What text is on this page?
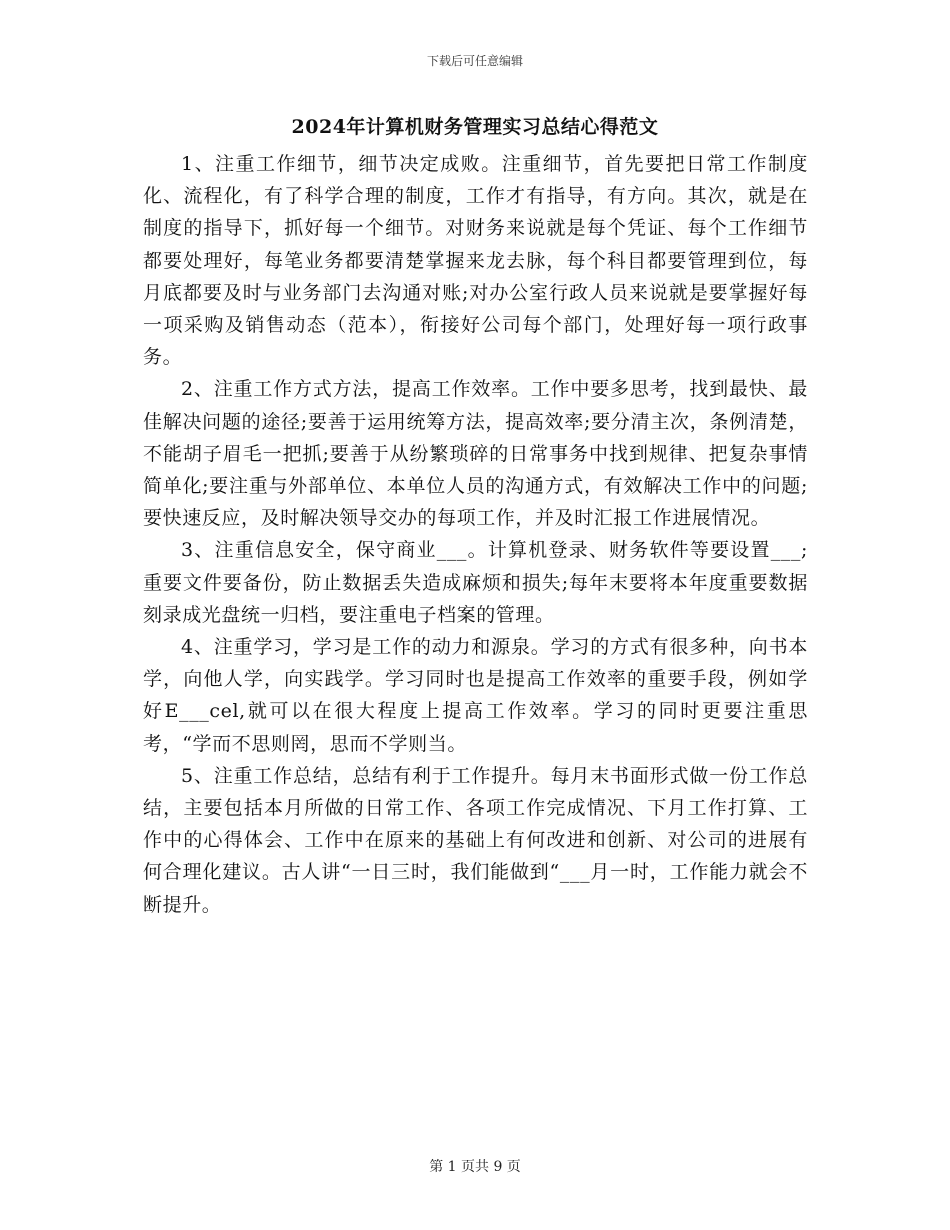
下载后可任意编辑
2024年计算机财务管理实习总结心得范文

1、注重工作细节，细节决定成败。注重细节，首先要把日常工作制度化、流程化，有了科学合理的制度，工作才有指导，有方向。其次，就是在制度的指导下，抓好每一个细节。对财务来说就是每个凭证、每个工作细节都要处理好，每笔业务都要清楚掌握来龙去脉，每个科目都要管理到位，每月底都要及时与业务部门去沟通对账;对办公室行政人员来说就是要掌握好每一项采购及销售动态（范本），衔接好公司每个部门，处理好每一项行政事务。

2、注重工作方式方法，提高工作效率。工作中要多思考，找到最快、最佳解决问题的途径;要善于运用统筹方法，提高效率;要分清主次，条例清楚，不能胡子眉毛一把抓;要善于从纷繁琐碎的日常事务中找到规律、把复杂事情简单化;要注重与外部单位、本单位人员的沟通方式，有效解决工作中的问题;要快速反应，及时解决领导交办的每项工作，并及时汇报工作进展情况。

3、注重信息安全，保守商业___。计算机登录、财务软件等要设置___;重要文件要备份，防止数据丢失造成麻烦和损失;每年末要将本年度重要数据刻录成光盘统一归档，要注重电子档案的管理。

4、注重学习，学习是工作的动力和源泉。学习的方式有很多种，向书本学，向他人学，向实践学。学习同时也是提高工作效率的重要手段，例如学好E___cel,就可以在很大程度上提高工作效率。学习的同时更要注重思考，“学而不思则罔，思而不学则当。

5、注重工作总结，总结有利于工作提升。每月末书面形式做一份工作总结，主要包括本月所做的日常工作、各项工作完成情况、下月工作打算、工作中的心得体会、工作中在原来的基础上有何改进和创新、对公司的进展有何合理化建议。古人讲“一日三时，我们能做到“___月一时，工作能力就会不断提升。

第 1 页共 9 页
